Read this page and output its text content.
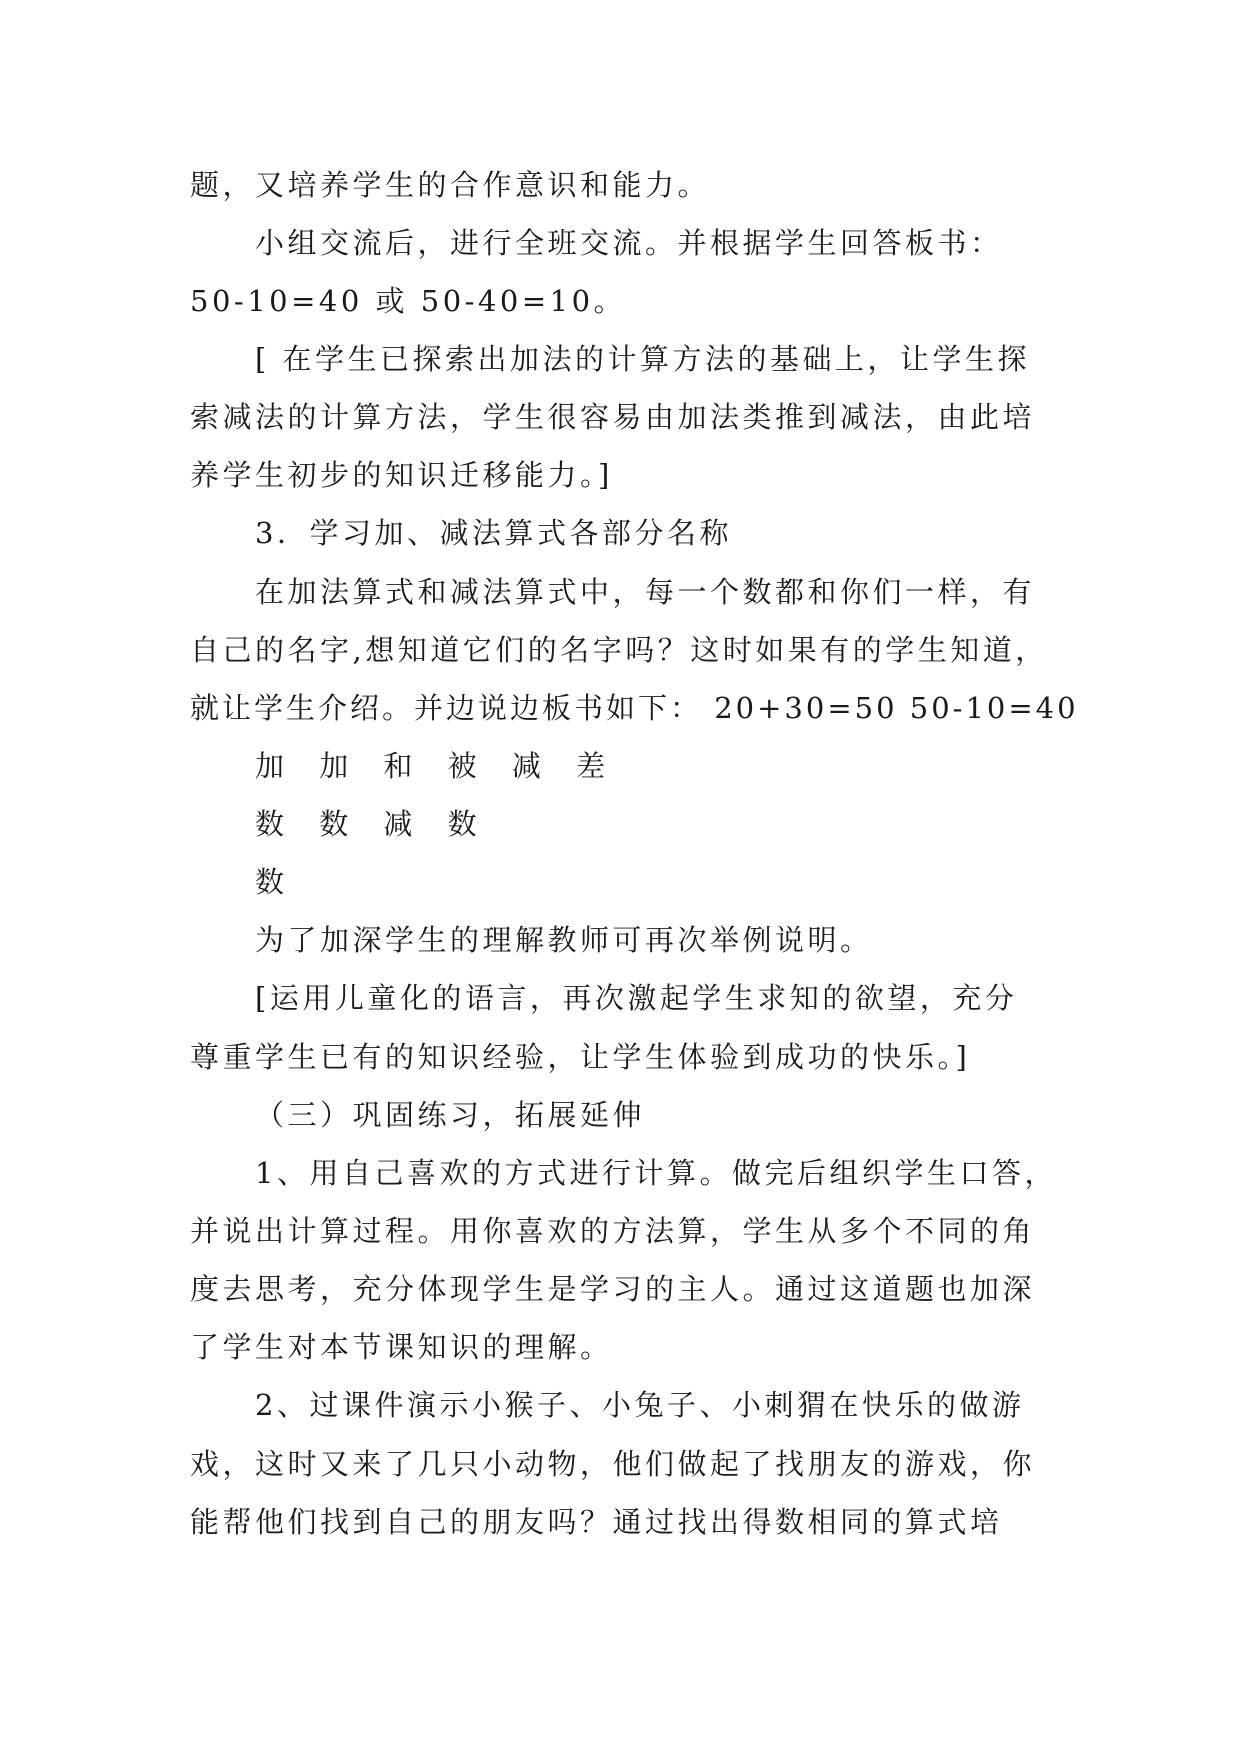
题，又培养学生的合作意识和能力。
小组交流后，进行全班交流。并根据学生回答板书：
50-10=40 或 50-40=10。
[ 在学生已探索出加法的计算方法的基础上，让学生探
索减法的计算方法，学生很容易由加法类推到减法，由此培
养学生初步的知识迁移能力。]
3．学习加、减法算式各部分名称
在加法算式和减法算式中，每一个数都和你们一样，有
自己的名字,想知道它们的名字吗？这时如果有的学生知道，
就让学生介绍。并边说边板书如下： 20+30=50 50-10=40
加 加 和 被 减 差
数 数 减 数
数
为了加深学生的理解教师可再次举例说明。
[运用儿童化的语言，再次激起学生求知的欲望，充分
尊重学生已有的知识经验，让学生体验到成功的快乐。]
（三）巩固练习，拓展延伸
1、用自己喜欢的方式进行计算。做完后组织学生口答，
并说出计算过程。用你喜欢的方法算，学生从多个不同的角
度去思考，充分体现学生是学习的主人。通过这道题也加深
了学生对本节课知识的理解。
2、过课件演示小猴子、小兔子、小刺猬在快乐的做游
戏，这时又来了几只小动物，他们做起了找朋友的游戏，你
能帮他们找到自己的朋友吗？通过找出得数相同的算式培
